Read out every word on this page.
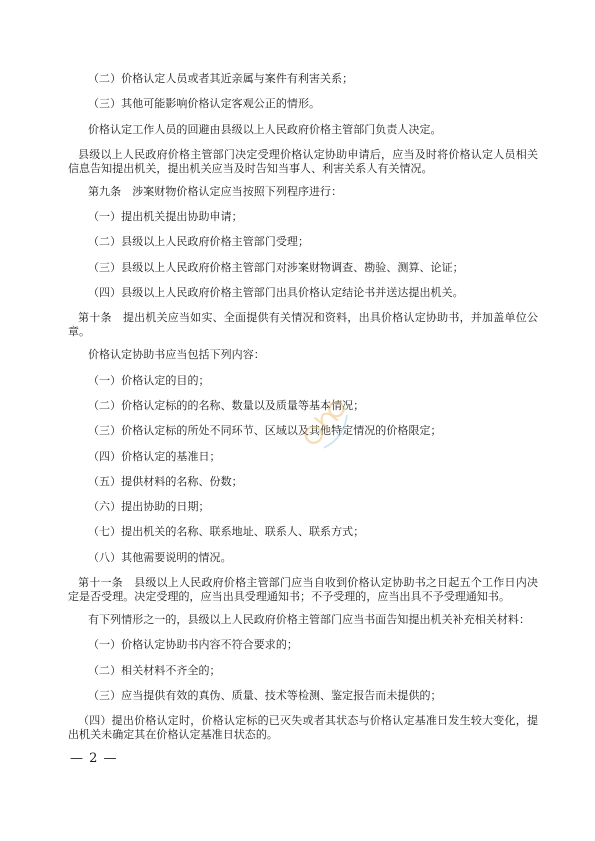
（二）价格认定人员或者其近亲属与案件有利害关系；

（三）其他可能影响价格认定客观公正的情形。

价格认定工作人员的回避由县级以上人民政府价格主管部门负责人决定。

县级以上人民政府价格主管部门决定受理价格认定协助申请后，应当及时将价格认定人员相关信息告知提出机关，提出机关应当及时告知当事人、利害关系人有关情况。

第九条　涉案财物价格认定应当按照下列程序进行：

（一）提出机关提出协助申请；

（二）县级以上人民政府价格主管部门受理；

（三）县级以上人民政府价格主管部门对涉案财物调查、勘验、测算、论证；

（四）县级以上人民政府价格主管部门出具价格认定结论书并送达提出机关。

第十条　提出机关应当如实、全面提供有关情况和资料，出具价格认定协助书，并加盖单位公章。

价格认定协助书应当包括下列内容：

（一）价格认定的目的；

（二）价格认定标的的名称、数量以及质量等基本情况；

（三）价格认定标的所处不同环节、区域以及其他特定情况的价格限定；

（四）价格认定的基准日；

（五）提供材料的名称、份数；

（六）提出协助的日期；

（七）提出机关的名称、联系地址、联系人、联系方式；

（八）其他需要说明的情况。

第十一条　县级以上人民政府价格主管部门应当自收到价格认定协助书之日起五个工作日内决定是否受理。决定受理的，应当出具受理通知书；不予受理的，应当出具不予受理通知书。

有下列情形之一的，县级以上人民政府价格主管部门应当书面告知提出机关补充相关材料：

（一）价格认定协助书内容不符合要求的；

（二）相关材料不齐全的；

（三）应当提供有效的真伪、质量、技术等检测、鉴定报告而未提供的；

（四）提出价格认定时，价格认定标的已灭失或者其状态与价格认定基准日发生较大变化，提出机关未确定其在价格认定基准日状态的。

— 2 —
